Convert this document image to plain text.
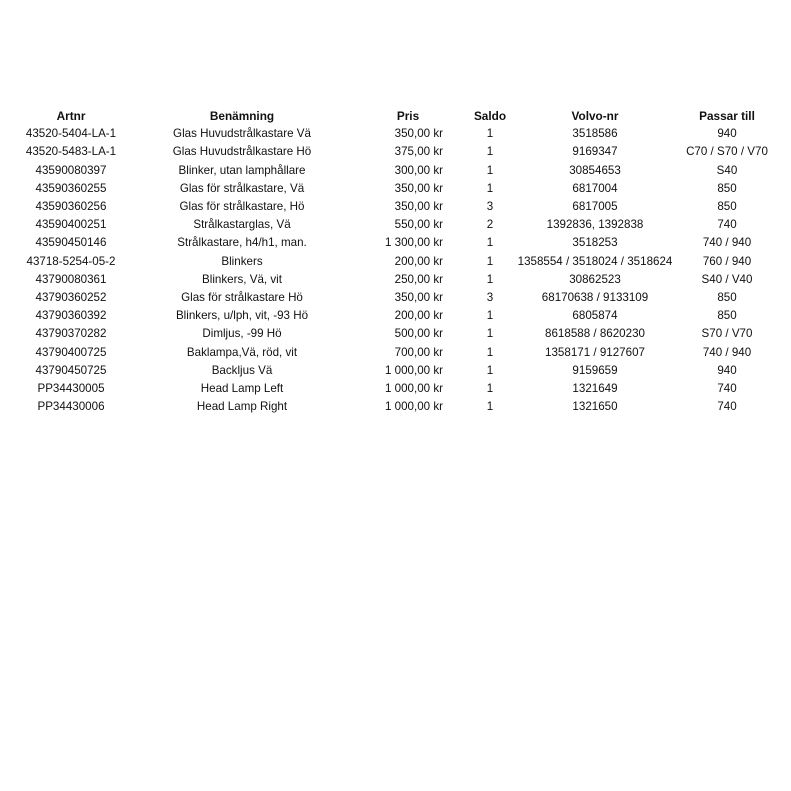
Artnr	Benämning	Pris	Saldo	Volvo-nr	Passar till
43520-5404-LA-1	Glas Huvudstrålkastare Vä	350,00 kr	1	3518586	940
43520-5483-LA-1	Glas Huvudstrålkastare Hö	375,00 kr	1	9169347	C70 / S70 / V70
43590080397	Blinker, utan lamphållare	300,00 kr	1	30854653	S40
43590360255	Glas för strålkastare, Vä	350,00 kr	1	6817004	850
43590360256	Glas för strålkastare, Hö	350,00 kr	3	6817005	850
43590400251	Strålkastarglas, Vä	550,00 kr	2	1392836, 1392838	740
43590450146	Strålkastare, h4/h1, man.	1 300,00 kr	1	3518253	740 / 940
43718-5254-05-2	Blinkers	200,00 kr	1	1358554 / 3518024 / 3518624	760 / 940
43790080361	Blinkers, Vä, vit	250,00 kr	1	30862523	S40 / V40
43790360252	Glas för strålkastare Hö	350,00 kr	3	68170638 / 9133109	850
43790360392	Blinkers, u/lph, vit, -93 Hö	200,00 kr	1	6805874	850
43790370282	Dimljus, -99 Hö	500,00 kr	1	8618588 / 8620230	S70 / V70
43790400725	Baklampa,Vä, röd, vit	700,00 kr	1	1358171 / 9127607	740 / 940
43790450725	Backljus Vä	1 000,00 kr	1	9159659	940
PP34430005	Head Lamp Left	1 000,00 kr	1	1321649	740
PP34430006	Head Lamp Right	1 000,00 kr	1	1321650	740
